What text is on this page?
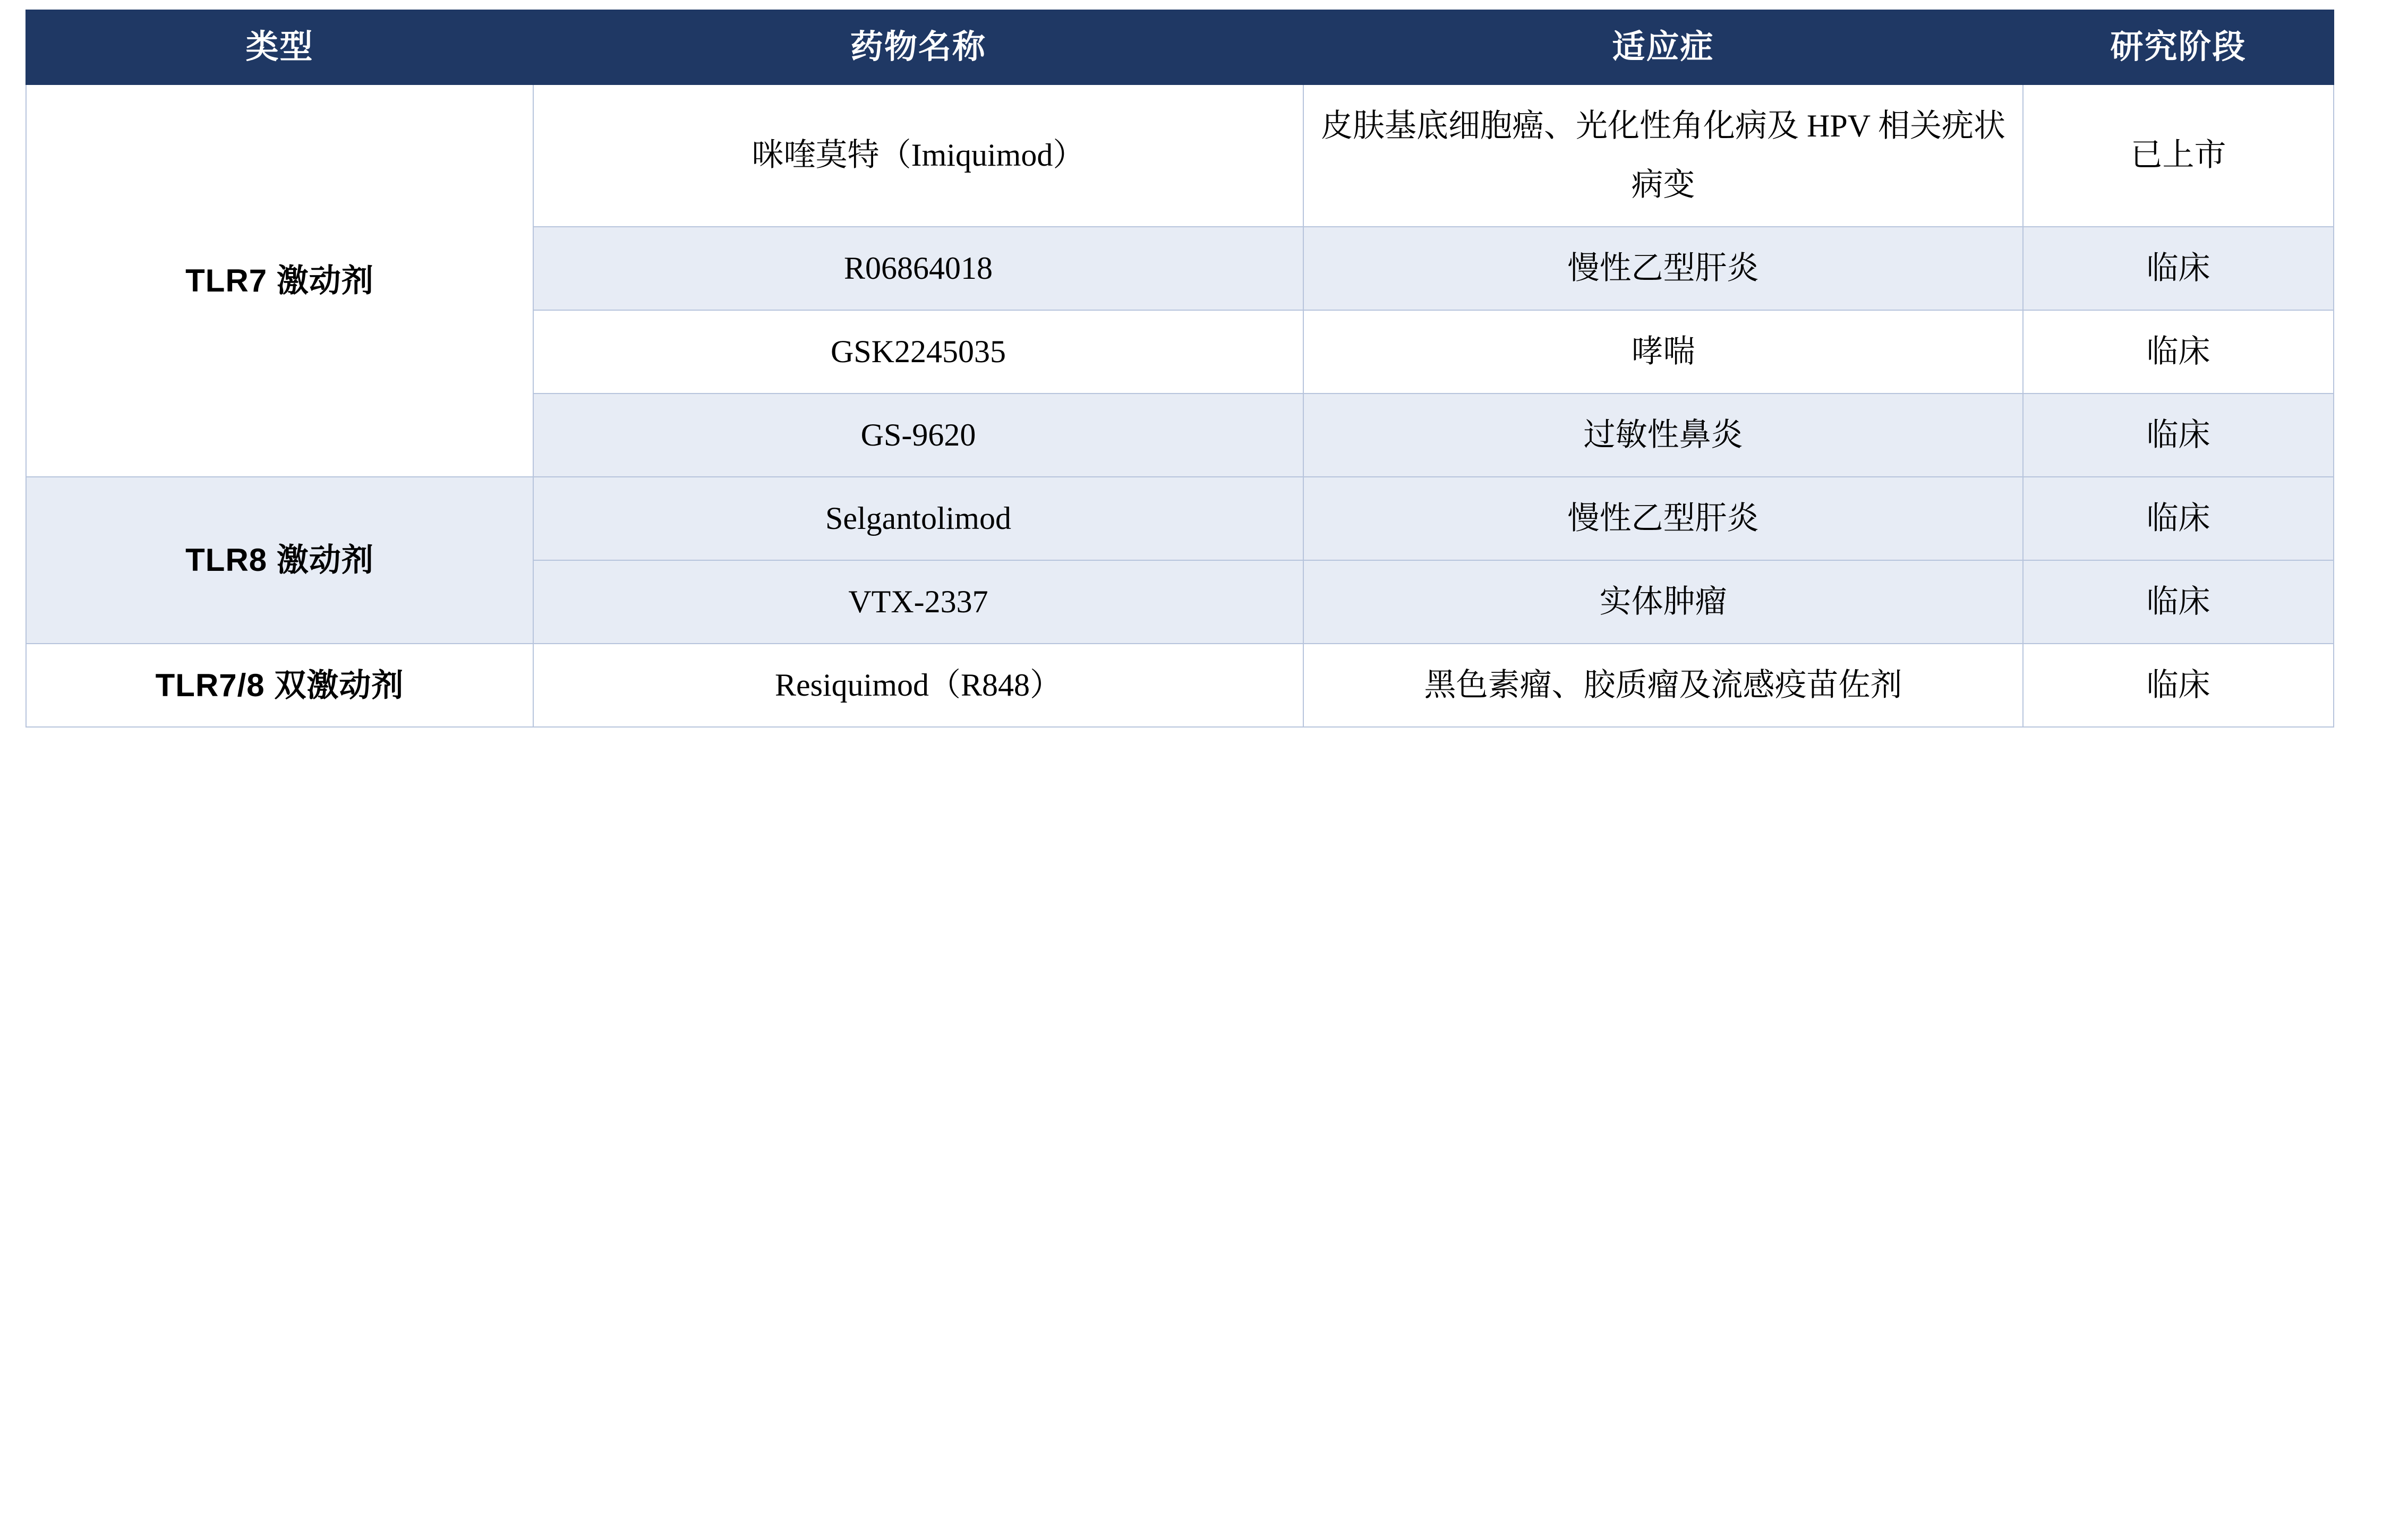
类型	药物名称	适应症	研究阶段
TLR7 激动剂	咪喹莫特（Imiquimod）	皮肤基底细胞癌、光化性角化病及 HPV 相关疣状病变	已上市
	R06864018	慢性乙型肝炎	临床
	GSK2245035	哮喘	临床
	GS-9620	过敏性鼻炎	临床
TLR8 激动剂	Selgantolimod	慢性乙型肝炎	临床
	VTX-2337	实体肿瘤	临床
TLR7/8 双激动剂	Resiquimod（R848）	黑色素瘤、胶质瘤及流感疫苗佐剂	临床
